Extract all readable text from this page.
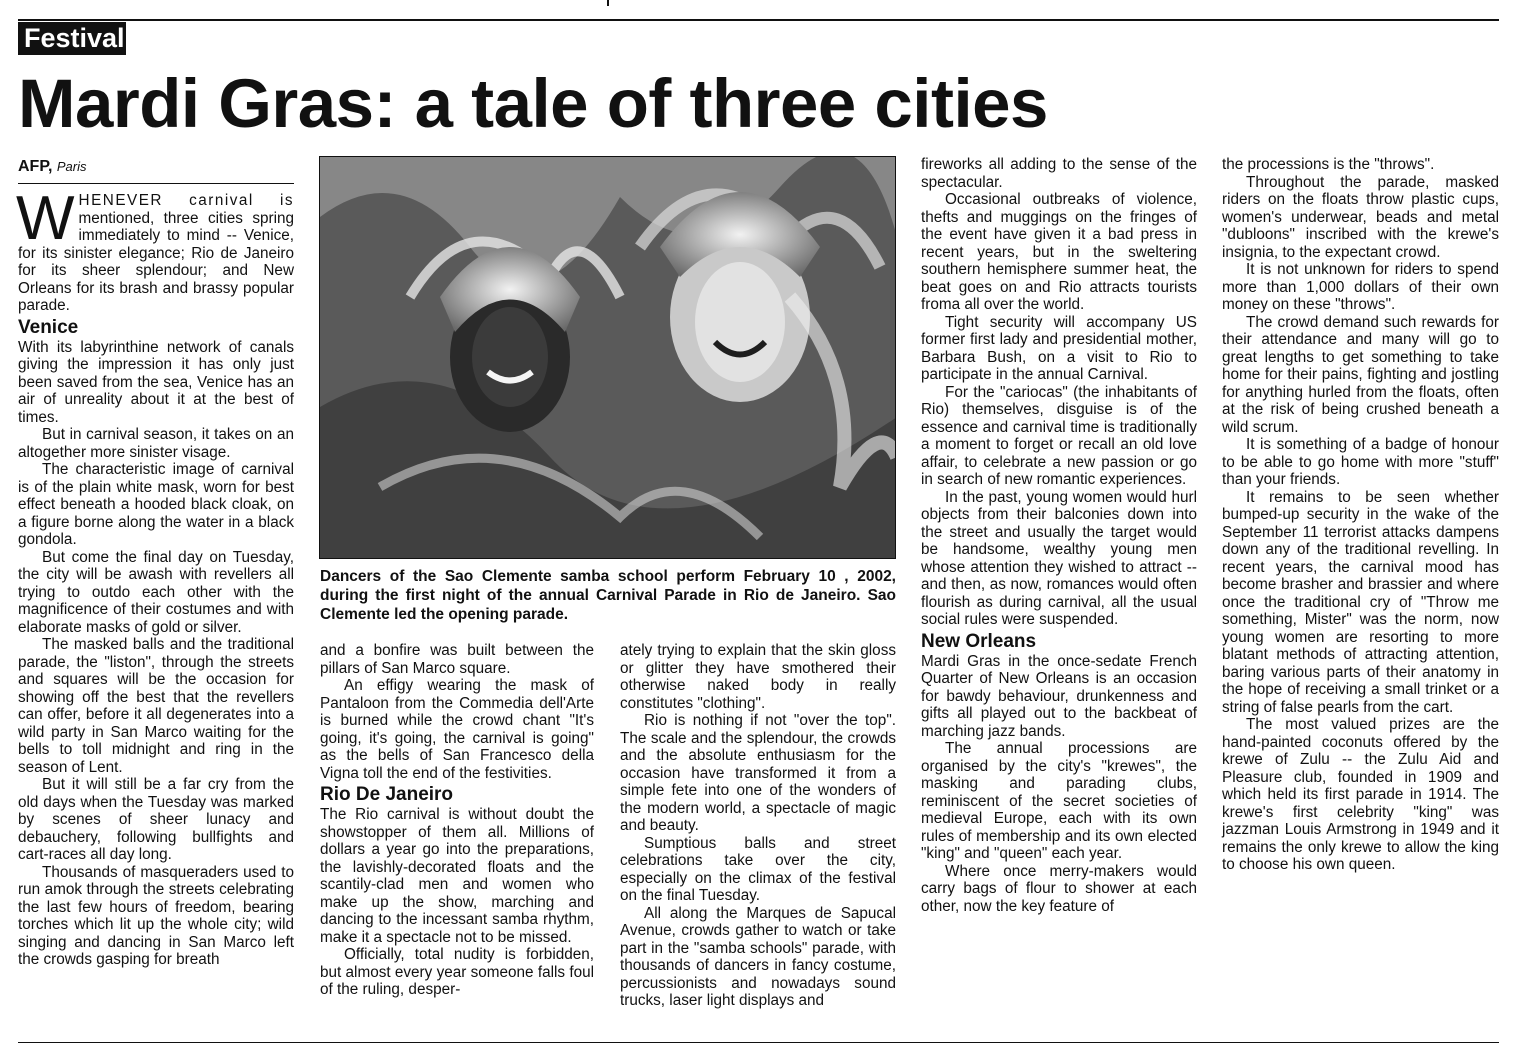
Festival
Mardi Gras: a tale of three cities
AFP, Paris

W HENEVER carnival is mentioned, three cities spring immediately to mind -- Venice, for its sinister elegance; Rio de Janeiro for its sheer splendour; and New Orleans for its brash and brassy popular parade.

Venice

With its labyrinthine network of canals giving the impression it has only just been saved from the sea, Venice has an air of unreality about it at the best of times.

But in carnival season, it takes on an altogether more sinister visage.

The characteristic image of carnival is of the plain white mask, worn for best effect beneath a hooded black cloak, on a figure borne along the water in a black gondola.

But come the final day on Tuesday, the city will be awash with revellers all trying to outdo each other with the magnificence of their costumes and with elaborate masks of gold or silver.

The masked balls and the traditional parade, the "liston", through the streets and squares will be the occasion for showing off the best that the revellers can offer, before it all degenerates into a wild party in San Marco waiting for the bells to toll midnight and ring in the season of Lent.

But it will still be a far cry from the old days when the Tuesday was marked by scenes of sheer lunacy and debauchery, following bullfights and cart-races all day long.

Thousands of masqueraders used to run amok through the streets celebrating the last few hours of freedom, bearing torches which lit up the whole city; wild singing and dancing in San Marco left the crowds gasping for breath

Dancers of the Sao Clemente samba school perform February 10 , 2002, during the first night of the annual Carnival Parade in Rio de Janeiro. Sao Clemente led the opening parade.

and a bonfire was built between the pillars of San Marco square.

An effigy wearing the mask of Pantaloon from the Commedia dell'Arte is burned while the crowd chant "It's going, it's going, the carnival is going" as the bells of San Francesco della Vigna toll the end of the festivities.

Rio De Janeiro

The Rio carnival is without doubt the showstopper of them all. Millions of dollars a year go into the preparations, the lavishly-decorated floats and the scantily-clad men and women who make up the show, marching and dancing to the incessant samba rhythm, make it a spectacle not to be missed.

Officially, total nudity is forbidden, but almost every year someone falls foul of the ruling, desper-

ately trying to explain that the skin gloss or glitter they have smothered their otherwise naked body in really constitutes "clothing".

Rio is nothing if not "over the top". The scale and the splendour, the crowds and the absolute enthusiasm for the occasion have transformed it from a simple fete into one of the wonders of the modern world, a spectacle of magic and beauty.

Sumptious balls and street celebrations take over the city, especially on the climax of the festival on the final Tuesday.

All along the Marques de Sapucal Avenue, crowds gather to watch or take part in the "samba schools" parade, with thousands of dancers in fancy costume, percussionists and nowadays sound trucks, laser light displays and

fireworks all adding to the sense of the spectacular.

Occasional outbreaks of violence, thefts and muggings on the fringes of the event have given it a bad press in recent years, but in the sweltering southern hemisphere summer heat, the beat goes on and Rio attracts tourists froma all over the world.

Tight security will accompany US former first lady and presidential mother, Barbara Bush, on a visit to Rio to participate in the annual Carnival.

For the "cariocas" (the inhabitants of Rio) themselves, disguise is of the essence and carnival time is traditionally a moment to forget or recall an old love affair, to celebrate a new passion or go in search of new romantic experiences.

In the past, young women would hurl objects from their balconies down into the street and usually the target would be handsome, wealthy young men whose attention they wished to attract -- and then, as now, romances would often flourish as during carnival, all the usual social rules were suspended.

New Orleans

Mardi Gras in the once-sedate French Quarter of New Orleans is an occasion for bawdy behaviour, drunkenness and gifts all played out to the backbeat of marching jazz bands.

The annual processions are organised by the city's "krewes", the masking and parading clubs, reminiscent of the secret societies of medieval Europe, each with its own rules of membership and its own elected "king" and "queen" each year.

Where once merry-makers would carry bags of flour to shower at each other, now the key feature of

the processions is the "throws".

Throughout the parade, masked riders on the floats throw plastic cups, women's underwear, beads and metal "dubloons" inscribed with the krewe's insignia, to the expectant crowd.

It is not unknown for riders to spend more than 1,000 dollars of their own money on these "throws".

The crowd demand such rewards for their attendance and many will go to great lengths to get something to take home for their pains, fighting and jostling for anything hurled from the floats, often at the risk of being crushed beneath a wild scrum.

It is something of a badge of honour to be able to go home with more "stuff" than your friends.

It remains to be seen whether bumped-up security in the wake of the September 11 terrorist attacks dampens down any of the traditional revelling. In recent years, the carnival mood has become brasher and brassier and where once the traditional cry of "Throw me something, Mister" was the norm, now young women are resorting to more blatant methods of attracting attention, baring various parts of their anatomy in the hope of receiving a small trinket or a string of false pearls from the cart.

The most valued prizes are the hand-painted coconuts offered by the krewe of Zulu -- the Zulu Aid and Pleasure club, founded in 1909 and which held its first parade in 1914. The krewe's first celebrity "king" was jazzman Louis Armstrong in 1949 and it remains the only krewe to allow the king to choose his own queen.
